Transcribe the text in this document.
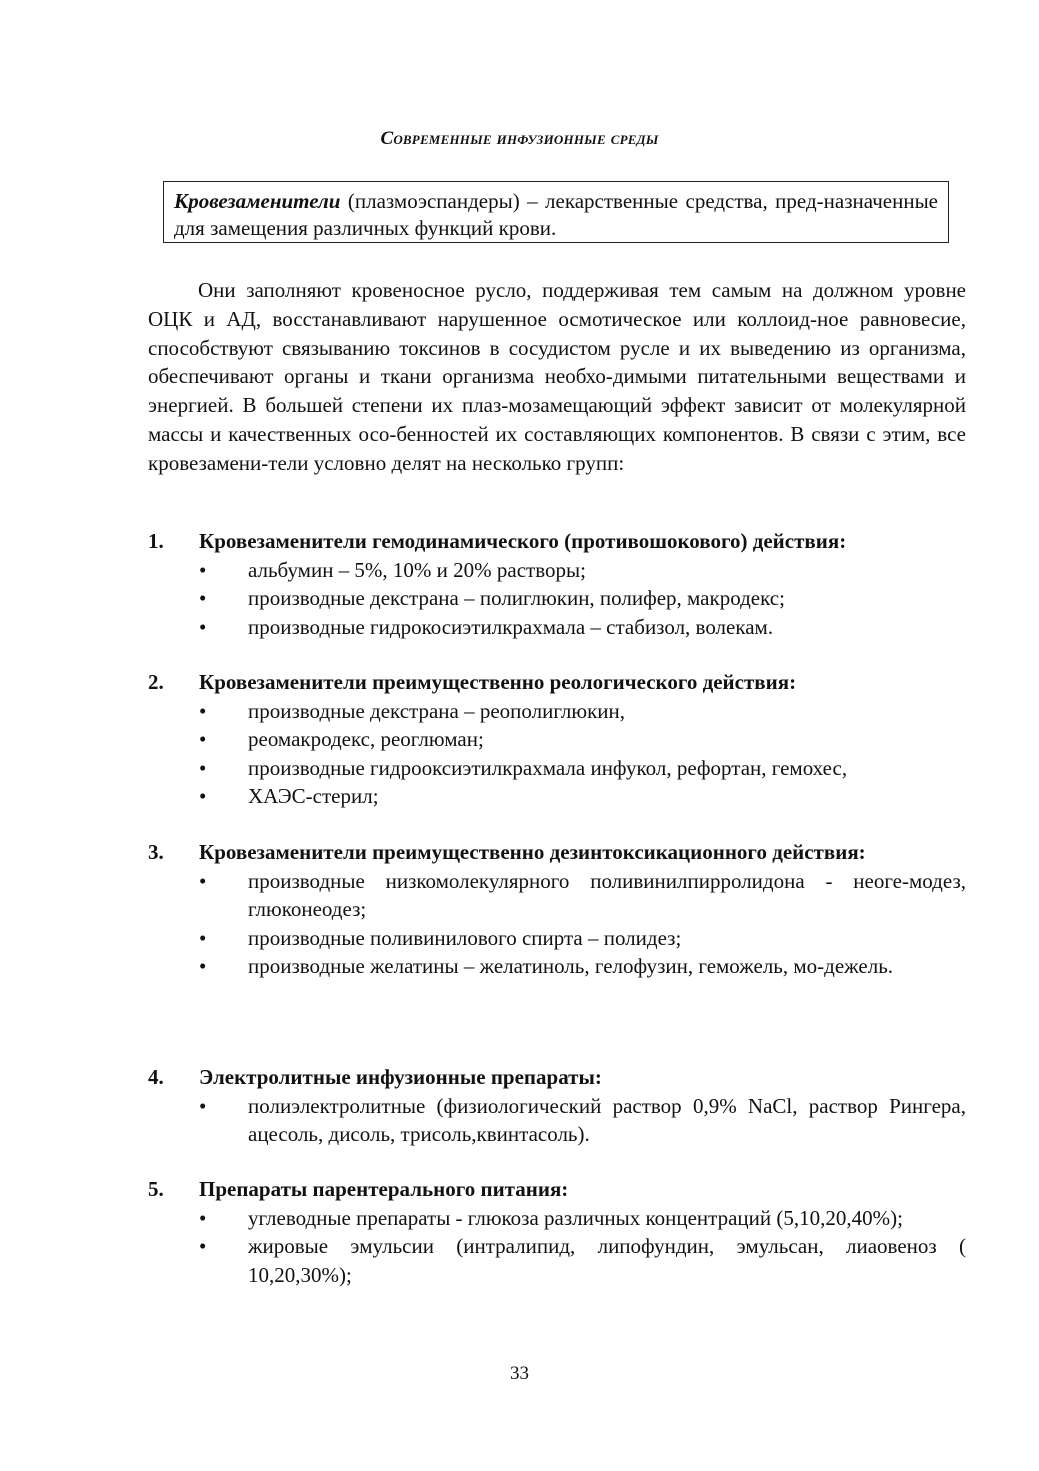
Современные инфузионные среды
Кровезаменители (плазмоэспандеры) – лекарственные средства, пред-назначенные для замещения различных функций крови.
Они заполняют кровеносное русло, поддерживая тем самым на должном уровне ОЦК и АД, восстанавливают нарушенное осмотическое или коллоид-ное равновесие, способствуют связыванию токсинов в сосудистом русле и их выведению из организма, обеспечивают органы и ткани организма необхо-димыми питательными веществами и энергией. В большей степени их плаз-мозамещающий эффект зависит от молекулярной массы и качественных осо-бенностей их составляющих компонентов. В связи с этим, все кровезамени-тели условно делят на несколько групп:
1.	Кровезаменители гемодинамического (противошокового) действия:
•	альбумин – 5%, 10% и 20% растворы;
•	производные декстрана – полиглюкин, полифер, макродекс;
•	производные гидрокосиэтилкрахмала – стабизол, волекам.
2.	Кровезаменители преимущественно реологического действия:
•	производные декстрана – реополиглюкин,
•	реомакродекс, реоглюман;
•	производные гидрооксиэтилкрахмала инфукол, рефортан, гемохес,
•	ХАЭС-стерил;
3.	Кровезаменители преимущественно дезинтоксикационного действия:
•	производные низкомолекулярного поливинилпирролидона - неоге-модез, глюконеодез;
•	производные поливинилового спирта – полидез;
•	производные желатины – желатиноль, гелофузин, геможель, мо-дежель.
4.	Электролитные инфузионные препараты:
•	полиэлектролитные (физиологический раствор 0,9% NaCl, раствор Рингера, ацесоль, дисоль, трисоль,квинтасоль).
5.	Препараты парентерального питания:
•	углеводные препараты - глюкоза различных концентраций (5,10,20,40%);
•	жировые эмульсии (интралипид, липофундин, эмульсан, лиаовеноз ( 10,20,30%);
33
